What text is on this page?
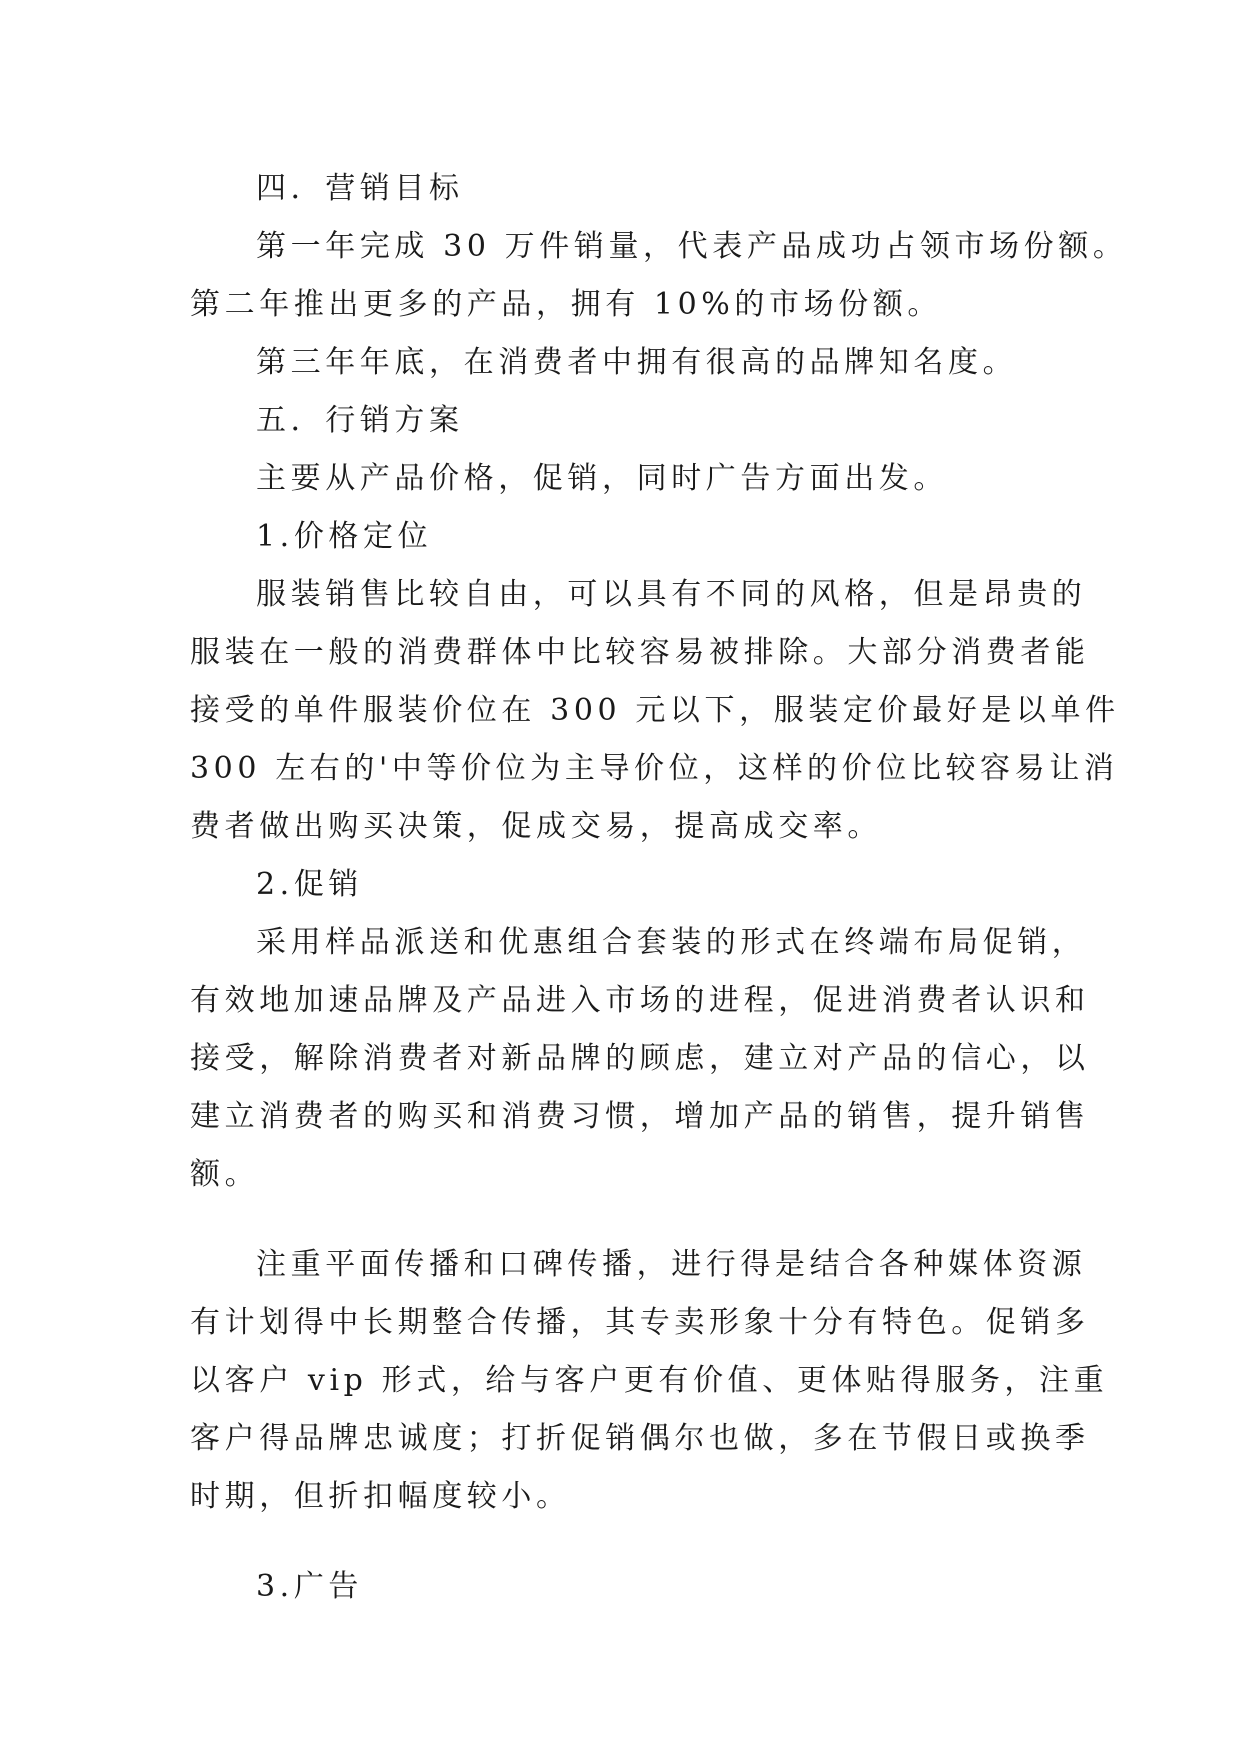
四．营销目标
第一年完成 30 万件销量，代表产品成功占领市场份额。
第二年推出更多的产品，拥有 10%的市场份额。
第三年年底，在消费者中拥有很高的品牌知名度。
五．行销方案
主要从产品价格，促销，同时广告方面出发。
1.价格定位
服装销售比较自由，可以具有不同的风格，但是昂贵的
服装在一般的消费群体中比较容易被排除。大部分消费者能
接受的单件服装价位在 300 元以下，服装定价最好是以单件
300 左右的'中等价位为主导价位，这样的价位比较容易让消
费者做出购买决策，促成交易，提高成交率。
2.促销
采用样品派送和优惠组合套装的形式在终端布局促销，
有效地加速品牌及产品进入市场的进程，促进消费者认识和
接受，解除消费者对新品牌的顾虑，建立对产品的信心，以
建立消费者的购买和消费习惯，增加产品的销售，提升销售
额。
注重平面传播和口碑传播，进行得是结合各种媒体资源
有计划得中长期整合传播，其专卖形象十分有特色。促销多
以客户 vip 形式，给与客户更有价值、更体贴得服务，注重
客户得品牌忠诚度；打折促销偶尔也做，多在节假日或换季
时期，但折扣幅度较小。
3.广告
